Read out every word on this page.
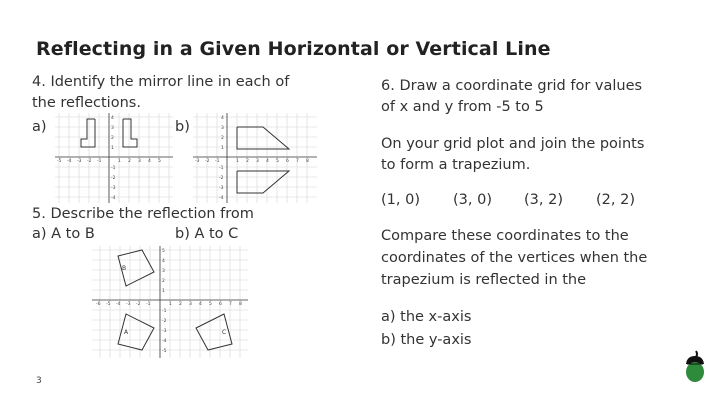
Reflecting in a Given Horizontal or Vertical Line
4. Identify the mirror line in each of
the reflections.
a)	b)
-5 -4 -3 -2 -1	1 2 3 4 5
4
3
2
1
-1
-2
-3
-4
-3 -2 -1	1 2 3 4 5 6 7 8
4
3
2
1
-1
-2
-3
-4
5. Describe the reflection from
a) A to B	b) A to C
B
A	C
-6 -5 -4 -3 -2 -1	1 2 3 4 5 6 7 8
5
4
3
2
1
-1
-2
-3
-4
-5
6. Draw a coordinate grid for values
of x and y from -5 to 5
On your grid plot and join the points
to form a trapezium.
(1, 0) (3, 0) (3, 2) (2, 2)
Compare these coordinates to the
coordinates of the vertices when the
trapezium is reflected in the
a) the x-axis
b) the y-axis
3
